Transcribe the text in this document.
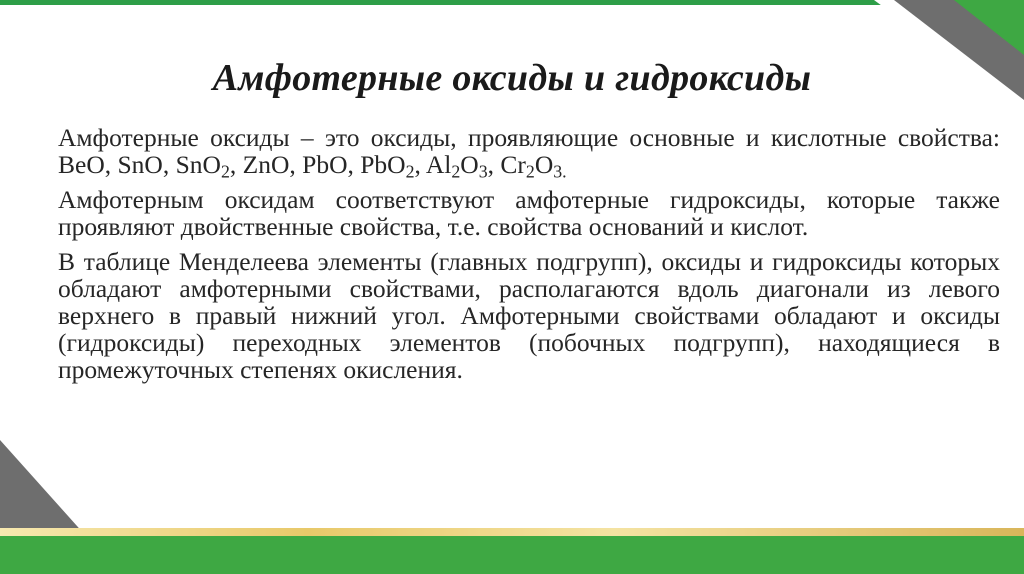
Амфотерные оксиды и гидроксиды

Амфотерные оксиды – это оксиды, проявляющие основные и кислотные свойства: BeO, SnO, SnO$_2$, ZnO, PbO, PbO$_2$, $Al_2O_3$, $Cr_2O_{3.}$

Амфотерным оксидам соответствуют амфотерные гидроксиды, которые также проявляют двойственные свойства, т.е. свойства оснований и кислот.

В таблице Менделеева элементы (главных подгрупп), оксиды и гидроксиды которых обладают амфотерными свойствами, располагаются вдоль диагонали из левого верхнего в правый нижний угол. Амфотерными свойствами обладают и оксиды (гидроксиды) переходных элементов (побочных подгрупп), находящиеся в промежуточных степенях окисления.
